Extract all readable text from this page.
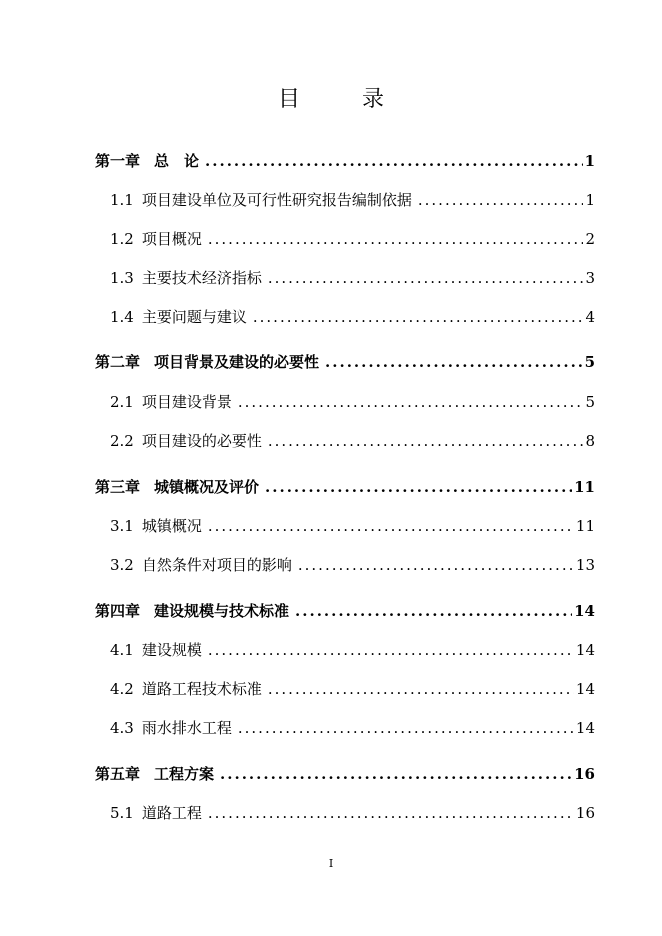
目	录
第一章 总　论 .....	1
1.1 项目建设单位及可行性研究报告编制依据 .....	1
1.2 项目概况 .....	2
1.3 主要技术经济指标 .....	3
1.4 主要问题与建议 .....	4
第二章 项目背景及建设的必要性 .....	5
2.1 项目建设背景 .....	5
2.2 项目建设的必要性 .....	8
第三章 城镇概况及评价 .....	11
3.1 城镇概况 .....	11
3.2 自然条件对项目的影响 .....	13
第四章 建设规模与技术标准 .....	14
4.1 建设规模 .....	14
4.2 道路工程技术标准 .....	14
4.3 雨水排水工程 .....	14
第五章 工程方案 .....	16
5.1 道路工程 .....	16
I
